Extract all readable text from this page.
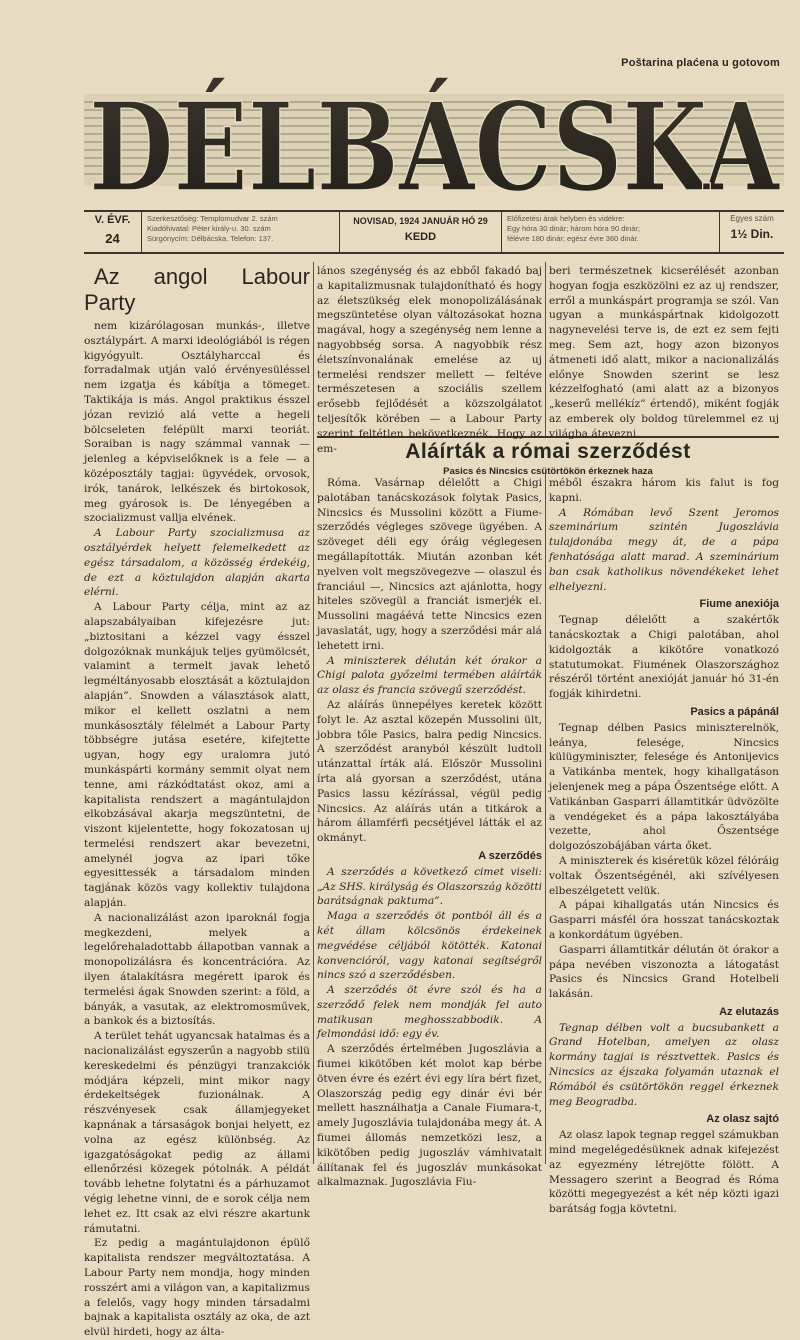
Poštarina plaćena u gotovom
DÉLBÁCSKA
V. ÉVF.
24
Szerkesztőség: Templomudvar 2. szám
Kiadóhivatal: Péter király-u. 30. szám
Sürgönycím: Délbácska. Telefon: 137.
NOVISAD, 1924 JANUÁR HÓ 29
KEDD
Előfizetési árak helyben és vidékre:
Egy hóra 30 dinár; három hóra 90 dinár;
félévre 180 dinár; egész évre 360 dinár.
Egyes szám
1½ Din.

Az angol Labour Party

nem kizárólagosan munkás-, illetve osztálypárt. A marxi ideológiából is régen kigyógyult. Osztályharccal és forradalmak utján való érvényesüléssel nem izgatja és kábítja a tömeget. Taktikája is más. Angol praktikus ésszel józan revizió alá vette a hegeli bölcseleten felépült marxi teoriát. Soraiban is nagy számmal vannak — jelenleg a képviselőknek is a fele — a középosztály tagjai: ügyvédek, orvosok, irók, tanárok, lelkészek és birtokosok, meg gyárosok is. De lényegében a szocializmust vallja elvének.

A Labour Party szocializmusa az osztályérdek helyett felemelkedett az egész társadalom, a közösség érdekéig, de ezt a köztulajdon alapján akarta elérni.

A Labour Party célja, mint az az alapszabályaiban kifejezésre jut: „biztositani a kézzel vagy ésszel dolgozóknak munkájuk teljes gyümölcsét, valamint a termelt javak lehető legméltányosabb elosztását a köztulajdon alapján”. Snowden a választások alatt, mikor el kellett oszlatni a nem munkásosztály félelmét a Labour Party többségre jutása esetére, kifejtette ugyan, hogy egy uralomra jutó munkáspárti kormány semmit olyat nem tenne, ami rázkódtatást okoz, ami a kapitalista rendszert a magántulajdon elkobzásával akarja megszüntetni, de viszont kijelentette, hogy fokozatosan uj termelési rendszert akar bevezetni, amelynél jogva az ipari tőke egyesittessék a társadalom minden tagjának közös vagy kollektiv tulajdona alapján.

A nacionalizálást azon iparoknál fogja megkezdeni, melyek a legelőrehaladottabb állapotban vannak a monopolizálásra és koncentrációra. Az ilyen átalakításra megérett iparok és termelési ágak Snowden szerint: a föld, a bányák, a vasutak, az elektromosművek, a bankok és a biztosítás.

A terület tehát ugyancsak hatalmas és a nacionalizálást egyszerűn a nagyobb stilü kereskedelmi és pénzügyi tranzakciók módjára képzeli, mint mikor nagy érdekeltségek fuzionálnak. A részvényesek csak államjegyeket kapnának a társaságok bonjai helyett, ez volna az egész különbség. Az igazgatóságokat pedig az állami ellenőrzési közegek pótolnák. A példát tovább lehetne folytatni és a párhuzamot végig lehetne vinni, de e sorok célja nem lehet ez. Itt csak az elvi részre akartunk rámutatni.

Ez pedig a magántulajdonon épülő kapitalista rendszer megváltoztatása. A Labour Party nem mondja, hogy minden rosszért ami a világon van, a kapitalizmus a felelős, vagy hogy minden társadalmi bajnak a kapitalista osztály az oka, de azt elvül hirdeti, hogy az álta-

lános szegénység és az ebből fakadó baj a kapitalizmusnak tulajdonítható és hogy az életszükség elek monopolizálásának megszüntetése olyan változásokat hozna magával, hogy a szegénység nem lenne a nagyobbség sorsa. A nagyobbik rész életszínvonalának emelése az uj termelési rendszer mellett — feltéve természetesen a szociális szellem erősebb fejlődését a közszolgálatot teljesítők körében — a Labour Party szerint feltétlen bekövetkeznék. Hogy az em-

beri természetnek kicserélését azonban hogyan fogja eszközölni ez az uj rendszer, erről a munkáspárt programja se szól. Van ugyan a munkáspártnak kidolgozott nagynevelési terve is, de ezt ez sem fejti meg. Sem azt, hogy azon bizonyos átmeneti idő alatt, mikor a nacionalizálás előnye Snowden szerint se lesz kézzelfogható (ami alatt az a bizonyos „keserű mellékíz” értendő), miként fogják az emberek oly boldog türelemmel ez uj világba átevezni.

Aláírták a római szerződést
Pasics és Nincsics csütörtökön érkeznek haza

Róma. Vasárnap délelőtt a Chigi palotában tanácskozások folytak Pasics, Nincsics és Mussolini között a Fiume-szerződés végleges szövege ügyében. A szöveget déli egy óráig véglegesen megállapították. Miután azonban két nyelven volt megszövegezve — olaszul és franciául —, Nincsics azt ajánlotta, hogy hiteles szövegül a franciát ismerjék el. Mussolini magáévá tette Nincsics ezen javaslatát, ugy, hogy a szerződési már alá lehetett irni.

A miniszterek délután két órakor a Chigi palota győzelmi termében aláírták az olasz és francia szövegű szerződést.

Az aláírás ünnepélyes keretek között folyt le. Az asztal közepén Mussolini ült, jobbra tőle Pasics, balra pedig Nincsics. A szerződést aranyból készült ludtoll utánzattal írták alá. Először Mussolini írta alá gyorsan a szerződést, utána Pasics lassu kézírással, végül pedig Nincsics. Az aláírás után a titkárok a három államférfi pecsétjével látták el az okmányt.

A szerződés

A szerződés a következő cimet viseli: „Az SHS. királyság és Olaszország közötti barátságnak paktuma”.

Maga a szerződés öt pontból áll és a két állam kölcsönös érdekeinek megvédése céljából kötötték. Katonai konvencióról, vagy katonai segítségről nincs szó a szerződésben.

A szerződés öt évre szól és ha a szerződő felek nem mondják fel auto matikusan meghosszabbodik. A felmondási idő: egy év.

A szerződés értelmében Jugoszlávia a fiumei kikötőben két molot kap bérbe ötven évre és ezért évi egy líra bért fizet, Olaszország pedig egy dinár évi bér mellett használhatja a Canale Fiumara-t, amely Jugoszlávia tulajdonába megy át. A fiumei állomás nemzetközi lesz, a kikötőben pedig jugoszláv vámhivatalt állítanak fel és jugoszláv munkásokat alkalmaznak. Jugoszlávia Fiu-

méből északra három kis falut is fog kapni.

A Rómában levő Szent Jeromos szeminárium szintén Jugoszlávia tulajdonába megy át, de a pápa fenhatósága alatt marad. A szeminárium ban csak katholikus növendékeket lehet elhelyezni.

Fiume anexiója

Tegnap délelőtt a szakértők tanácskoztak a Chigi palotában, ahol kidolgozták a kikötőre vonatkozó statutumokat. Fiumének Olaszországhoz részéről történt anexióját január hó 31-én fogják kihirdetni.

Pasics a pápánál

Tegnap délben Pasics miniszterelnök, leánya, felesége, Nincsics külügyminiszter, felesége és Antonijevics a Vatikánba mentek, hogy kihallgatáson jelenjenek meg a pápa Őszentsége előtt. A Vatikánban Gasparri államtitkár üdvözölte a vendégeket és a pápa lakosztályába vezette, ahol Őszentsége dolgozószobájában várta őket.

A miniszterek és kiséretük közel félóráig voltak Őszentségénél, aki szívélyesen elbeszélgetett velük.

A pápai kihallgatás után Nincsics és Gasparri másfél óra hosszat tanácskoztak a konkordátum ügyében.

Gasparri államtitkár délután öt órakor a pápa nevében viszonozta a látogatást Pasics és Nincsics Grand Hotelbeli lakásán.

Az elutazás

Tegnap délben volt a bucsubankett a Grand Hotelban, amelyen az olasz kormány tagjai is résztvettek. Pasics és Nincsics az éjszaka folyamán utaznak el Rómából és csütörtökön reggel érkeznek meg Beogradba.

Az olasz sajtó

Az olasz lapok tegnap reggel számukban mind megelégedésüknek adnak kifejezést az egyezmény létrejötte fölött. A Messagero szerint a Beograd és Róma közötti megegyezést a két nép közti igazi barátság fogja kövtetni.
